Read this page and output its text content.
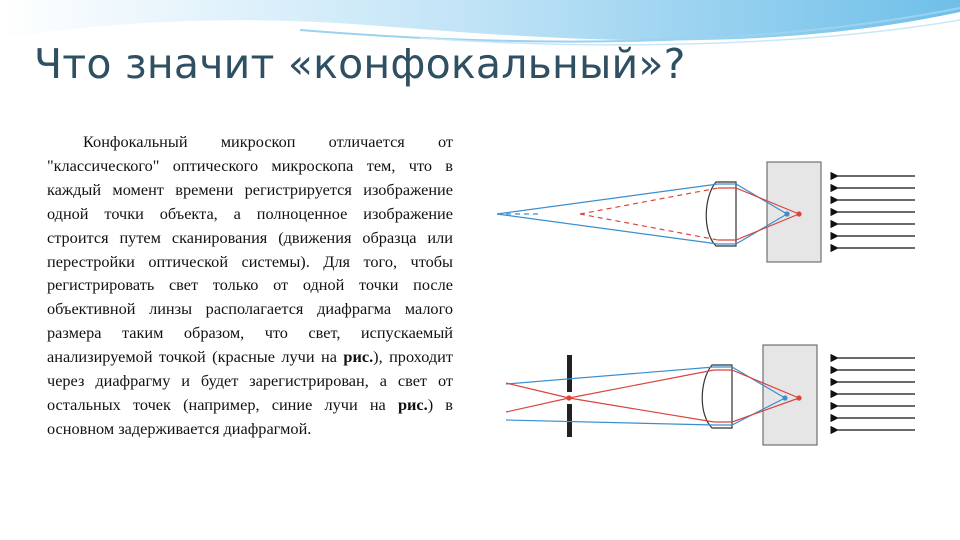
Что значит «конфокальный»?
Конфокальный микроскоп отличается от "классического" оптического микроскопа тем, что в каждый момент времени регистрируется изображение одной точки объекта, а полноценное изображение строится путем сканирования (движения образца или перестройки оптической системы). Для того, чтобы регистрировать свет только от одной точки после объективной линзы располагается диафрагма малого размера таким образом, что свет, испускаемый анализируемой точкой (красные лучи на рис.), проходит через диафрагму и будет зарегистрирован, а свет от остальных точек (например, синие лучи на рис.) в основном задерживается диафрагмой.
